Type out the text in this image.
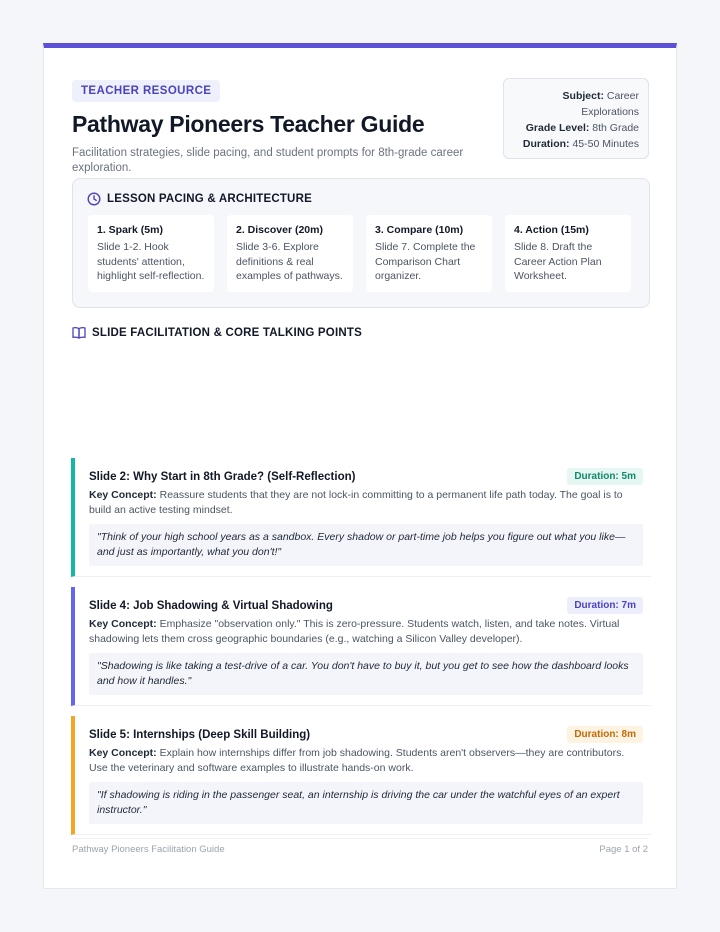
TEACHER RESOURCE
Pathway Pioneers Teacher Guide
Facilitation strategies, slide pacing, and student prompts for 8th-grade career exploration.
Subject: Career Explorations
Grade Level: 8th Grade
Duration: 45-50 Minutes
LESSON PACING & ARCHITECTURE
1. Spark (5m)
Slide 1-2. Hook students' attention, highlight self-reflection.
2. Discover (20m)
Slide 3-6. Explore definitions & real examples of pathways.
3. Compare (10m)
Slide 7. Complete the Comparison Chart organizer.
4. Action (15m)
Slide 8. Draft the Career Action Plan Worksheet.
SLIDE FACILITATION & CORE TALKING POINTS
Slide 2: Why Start in 8th Grade? (Self-Reflection)	Duration: 5m
Key Concept: Reassure students that they are not lock-in committing to a permanent life path today. The goal is to build an active testing mindset.
"Think of your high school years as a sandbox. Every shadow or part-time job helps you figure out what you like—and just as importantly, what you don't!"
Slide 4: Job Shadowing & Virtual Shadowing	Duration: 7m
Key Concept: Emphasize "observation only." This is zero-pressure. Students watch, listen, and take notes. Virtual shadowing lets them cross geographic boundaries (e.g., watching a Silicon Valley developer).
"Shadowing is like taking a test-drive of a car. You don't have to buy it, but you get to see how the dashboard looks and how it handles."
Slide 5: Internships (Deep Skill Building)	Duration: 8m
Key Concept: Explain how internships differ from job shadowing. Students aren't observers—they are contributors. Use the veterinary and software examples to illustrate hands-on work.
"If shadowing is riding in the passenger seat, an internship is driving the car under the watchful eyes of an expert instructor."
Pathway Pioneers Facilitation Guide	Page 1 of 2
